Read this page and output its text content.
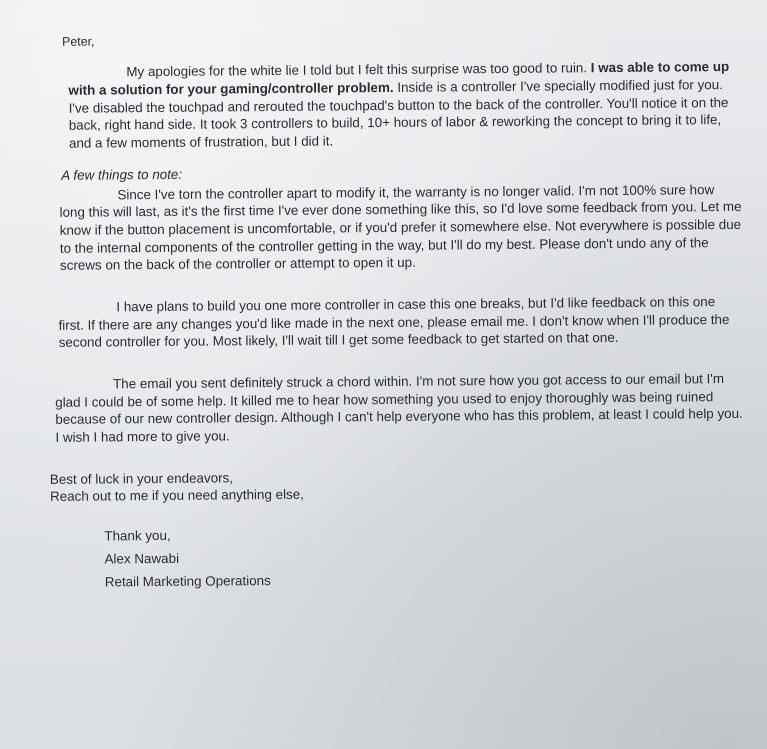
Peter,

My apologies for the white lie I told but I felt this surprise was too good to ruin. I was able to come up with a solution for your gaming/controller problem. Inside is a controller I've specially modified just for you. I've disabled the touchpad and rerouted the touchpad's button to the back of the controller. You'll notice it on the back, right hand side. It took 3 controllers to build, 10+ hours of labor & reworking the concept to bring it to life, and a few moments of frustration, but I did it.

A few things to note:

Since I've torn the controller apart to modify it, the warranty is no longer valid. I'm not 100% sure how long this will last, as it's the first time I've ever done something like this, so I'd love some feedback from you. Let me know if the button placement is uncomfortable, or if you'd prefer it somewhere else. Not everywhere is possible due to the internal components of the controller getting in the way, but I'll do my best. Please don't undo any of the screws on the back of the controller or attempt to open it up.

I have plans to build you one more controller in case this one breaks, but I'd like feedback on this one first. If there are any changes you'd like made in the next one, please email me. I don't know when I'll produce the second controller for you. Most likely, I'll wait till I get some feedback to get started on that one.

The email you sent definitely struck a chord within. I'm not sure how you got access to our email but I'm glad I could be of some help. It killed me to hear how something you used to enjoy thoroughly was being ruined because of our new controller design. Although I can't help everyone who has this problem, at least I could help you. I wish I had more to give you.

Best of luck in your endeavors,
Reach out to me if you need anything else,
Thank you,
Alex Nawabi
Retail Marketing Operations
